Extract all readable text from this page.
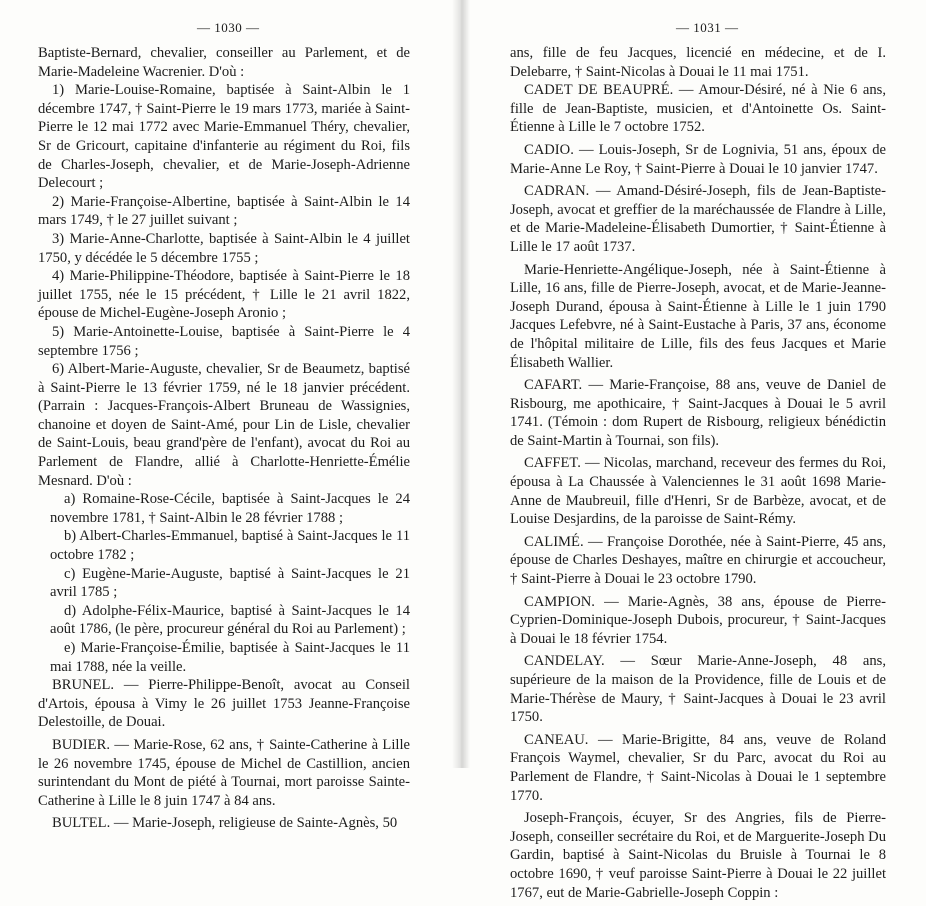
— 1030 —

Baptiste-Bernard, chevalier, conseiller au Parlement, et de Marie-Madeleine Wacrenier. D'où :

1) Marie-Louise-Romaine, baptisée à Saint-Albin le 1 décembre 1747, † Saint-Pierre le 19 mars 1773, mariée à Saint-Pierre le 12 mai 1772 avec Marie-Emmanuel Théry, chevalier, Sr de Gricourt, capitaine d'infanterie au régiment du Roi, fils de Charles-Joseph, chevalier, et de Marie-Joseph-Adrienne Delecourt ;

2) Marie-Françoise-Albertine, baptisée à Saint-Albin le 14 mars 1749, † le 27 juillet suivant ;

3) Marie-Anne-Charlotte, baptisée à Saint-Albin le 4 juillet 1750, y décédée le 5 décembre 1755 ;

4) Marie-Philippine-Théodore, baptisée à Saint-Pierre le 18 juillet 1755, née le 15 précédent, † Lille le 21 avril 1822, épouse de Michel-Eugène-Joseph Aronio ;

5) Marie-Antoinette-Louise, baptisée à Saint-Pierre le 4 septembre 1756 ;

6) Albert-Marie-Auguste, chevalier, Sr de Beaumetz, baptisé à Saint-Pierre le 13 février 1759, né le 18 janvier précédent. (Parrain : Jacques-François-Albert Bruneau de Wassignies, chanoine et doyen de Saint-Amé, pour Lin de Lisle, chevalier de Saint-Louis, beau grand'père de l'enfant), avocat du Roi au Parlement de Flandre, allié à Charlotte-Henriette-Émélie Mesnard. D'où :

a) Romaine-Rose-Cécile, baptisée à Saint-Jacques le 24 novembre 1781, † Saint-Albin le 28 février 1788 ;

b) Albert-Charles-Emmanuel, baptisé à Saint-Jacques le 11 octobre 1782 ;

c) Eugène-Marie-Auguste, baptisé à Saint-Jacques le 21 avril 1785 ;

d) Adolphe-Félix-Maurice, baptisé à Saint-Jacques le 14 août 1786, (le père, procureur général du Roi au Parlement) ;

e) Marie-Françoise-Émilie, baptisée à Saint-Jacques le 11 mai 1788, née la veille.

BRUNEL. — Pierre-Philippe-Benoît, avocat au Conseil d'Artois, épousa à Vimy le 26 juillet 1753 Jeanne-Françoise Delestoille, de Douai.

BUDIER. — Marie-Rose, 62 ans, † Sainte-Catherine à Lille le 26 novembre 1745, épouse de Michel de Castillion, ancien surintendant du Mont de piété à Tournai, mort paroisse Sainte-Catherine à Lille le 8 juin 1747 à 84 ans.

BULTEL. — Marie-Joseph, religieuse de Sainte-Agnès, 50

— 1031 —

ans, fille de feu Jacques, licencié en médecine, et de I. Delebarre, † Saint-Nicolas à Douai le 11 mai 1751.

CADET DE BEAUPRÉ. — Amour-Désiré, né à Nie 6 ans, fille de Jean-Baptiste, musicien, et d'Antoinette Os. Saint-Étienne à Lille le 7 octobre 1752.

CADIO. — Louis-Joseph, Sr de Lognivia, 51 ans, époux de Marie-Anne Le Roy, † Saint-Pierre à Douai le 10 janvier 1747.

CADRAN. — Amand-Désiré-Joseph, fils de Jean-Baptiste-Joseph, avocat et greffier de la maréchaussée de Flandre à Lille, et de Marie-Madeleine-Élisabeth Dumortier, † Saint-Étienne à Lille le 17 août 1737.

Marie-Henriette-Angélique-Joseph, née à Saint-Étienne à Lille, 16 ans, fille de Pierre-Joseph, avocat, et de Marie-Jeanne-Joseph Durand, épousa à Saint-Étienne à Lille le 1 juin 1790 Jacques Lefebvre, né à Saint-Eustache à Paris, 37 ans, économe de l'hôpital militaire de Lille, fils des feus Jacques et Marie Élisabeth Wallier.

CAFART. — Marie-Françoise, 88 ans, veuve de Daniel de Risbourg, me apothicaire, † Saint-Jacques à Douai le 5 avril 1741. (Témoin : dom Rupert de Risbourg, religieux bénédictin de Saint-Martin à Tournai, son fils).

CAFFET. — Nicolas, marchand, receveur des fermes du Roi, épousa à La Chaussée à Valenciennes le 31 août 1698 Marie-Anne de Maubreuil, fille d'Henri, Sr de Barbèze, avocat, et de Louise Desjardins, de la paroisse de Saint-Rémy.

CALIMÉ. — Françoise Dorothée, née à Saint-Pierre, 45 ans, épouse de Charles Deshayes, maître en chirurgie et accoucheur, † Saint-Pierre à Douai le 23 octobre 1790.

CAMPION. — Marie-Agnès, 38 ans, épouse de Pierre-Cyprien-Dominique-Joseph Dubois, procureur, † Saint-Jacques à Douai le 18 février 1754.

CANDELAY. — Sœur Marie-Anne-Joseph, 48 ans, supérieure de la maison de la Providence, fille de Louis et de Marie-Thérèse de Maury, † Saint-Jacques à Douai le 23 avril 1750.

CANEAU. — Marie-Brigitte, 84 ans, veuve de Roland François Waymel, chevalier, Sr du Parc, avocat du Roi au Parlement de Flandre, † Saint-Nicolas à Douai le 1 septembre 1770.

Joseph-François, écuyer, Sr des Angries, fils de Pierre-Joseph, conseiller secrétaire du Roi, et de Marguerite-Joseph Du Gardin, baptisé à Saint-Nicolas du Bruisle à Tournai le 8 octobre 1690, † veuf paroisse Saint-Pierre à Douai le 22 juillet 1767, eut de Marie-Gabrielle-Joseph Coppin :
